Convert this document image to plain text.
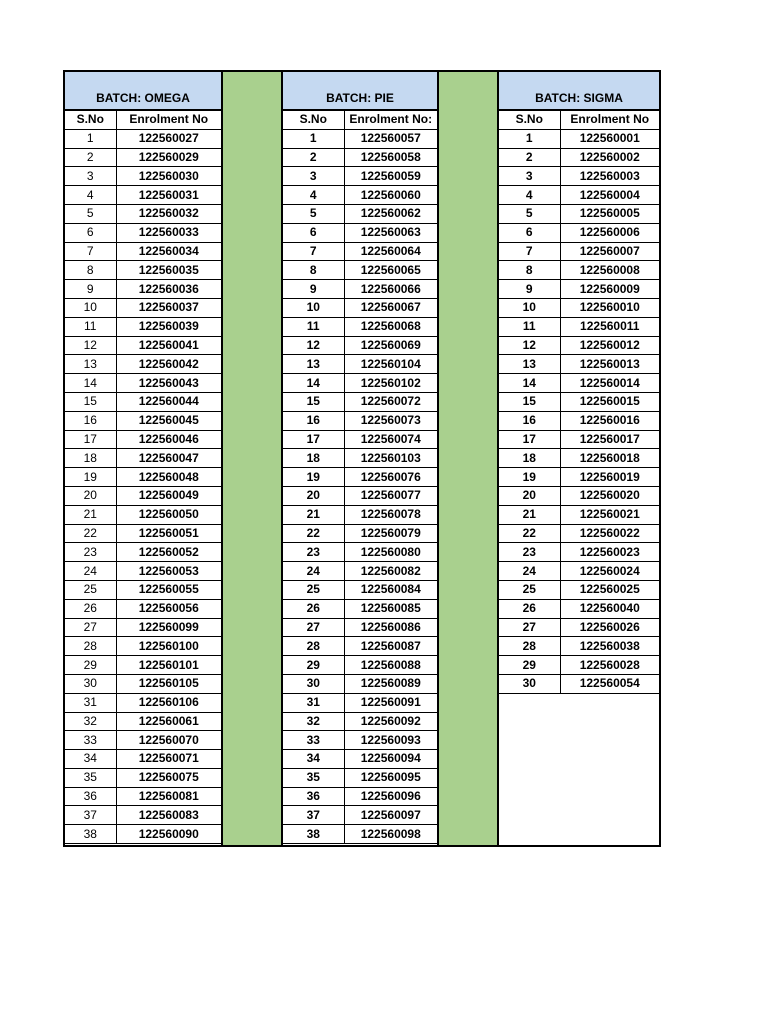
BATCH: OMEGA
S.No	Enrolment No
1	122560027
2	122560029
3	122560030
4	122560031
5	122560032
6	122560033
7	122560034
8	122560035
9	122560036
10	122560037
11	122560039
12	122560041
13	122560042
14	122560043
15	122560044
16	122560045
17	122560046
18	122560047
19	122560048
20	122560049
21	122560050
22	122560051
23	122560052
24	122560053
25	122560055
26	122560056
27	122560099
28	122560100
29	122560101
30	122560105
31	122560106
32	122560061
33	122560070
34	122560071
35	122560075
36	122560081
37	122560083
38	122560090
BATCH: PIE
S.No	Enrolment No:
1	122560057
2	122560058
3	122560059
4	122560060
5	122560062
6	122560063
7	122560064
8	122560065
9	122560066
10	122560067
11	122560068
12	122560069
13	122560104
14	122560102
15	122560072
16	122560073
17	122560074
18	122560103
19	122560076
20	122560077
21	122560078
22	122560079
23	122560080
24	122560082
25	122560084
26	122560085
27	122560086
28	122560087
29	122560088
30	122560089
31	122560091
32	122560092
33	122560093
34	122560094
35	122560095
36	122560096
37	122560097
38	122560098
BATCH: SIGMA
S.No	Enrolment No
1	122560001
2	122560002
3	122560003
4	122560004
5	122560005
6	122560006
7	122560007
8	122560008
9	122560009
10	122560010
11	122560011
12	122560012
13	122560013
14	122560014
15	122560015
16	122560016
17	122560017
18	122560018
19	122560019
20	122560020
21	122560021
22	122560022
23	122560023
24	122560024
25	122560025
26	122560040
27	122560026
28	122560038
29	122560028
30	122560054
